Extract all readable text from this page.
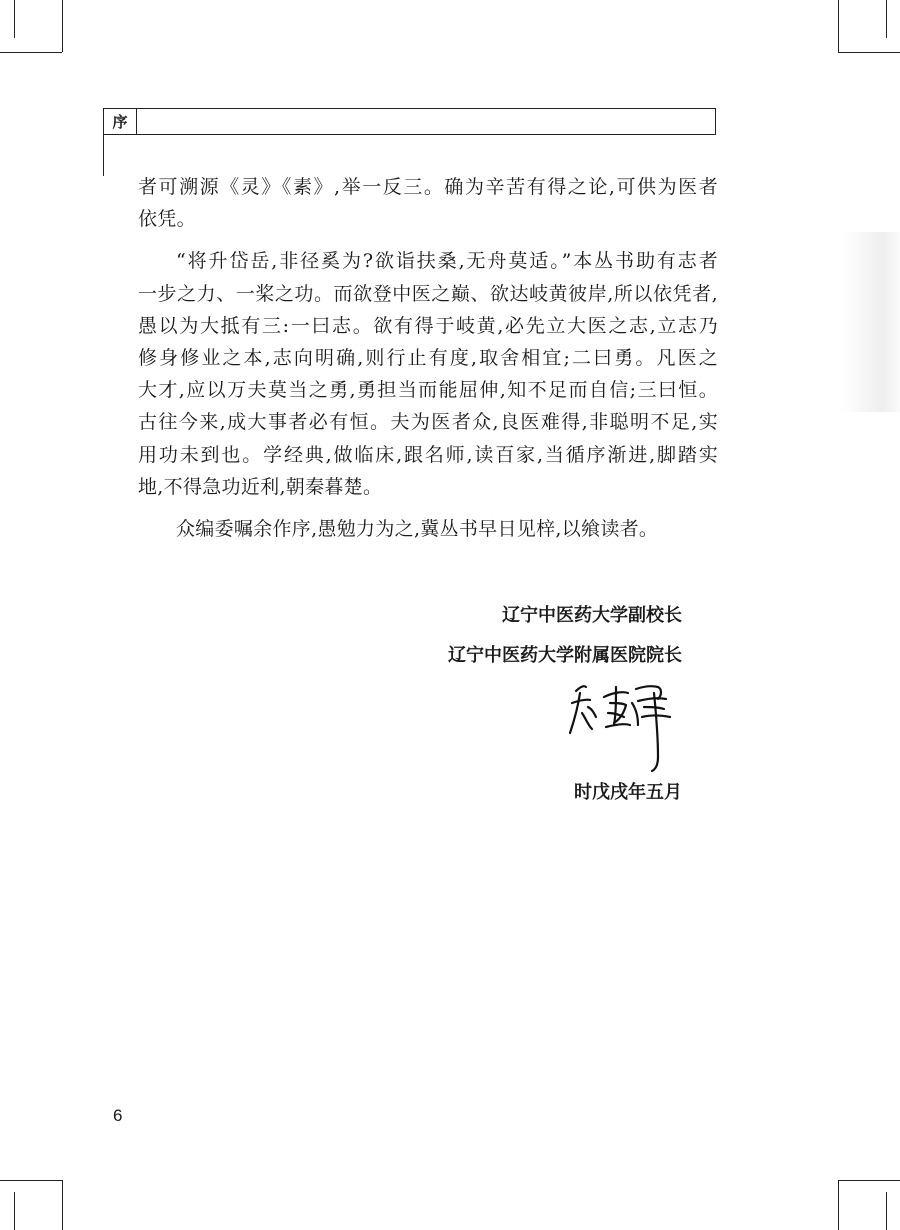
序
者可溯源《灵》《素》,举一反三。确为辛苦有得之论,可供为医者
依凭。
“将升岱岳,非径奚为?欲诣扶桑,无舟莫适。”本丛书助有志者
一步之力、一桨之功。而欲登中医之巅、欲达岐黄彼岸,所以依凭者,
愚以为大抵有三:一曰志。欲有得于岐黄,必先立大医之志,立志乃
修身修业之本,志向明确,则行止有度,取舍相宜;二曰勇。凡医之
大才,应以万夫莫当之勇,勇担当而能屈伸,知不足而自信;三曰恒。
古往今来,成大事者必有恒。夫为医者众,良医难得,非聪明不足,实
用功未到也。学经典,做临床,跟名师,读百家,当循序渐进,脚踏实
地,不得急功近利,朝秦暮楚。
众编委嘱余作序,愚勉力为之,冀丛书早日见梓,以飨读者。
辽宁中医药大学副校长
辽宁中医药大学附属医院院长
时戊戌年五月
6
